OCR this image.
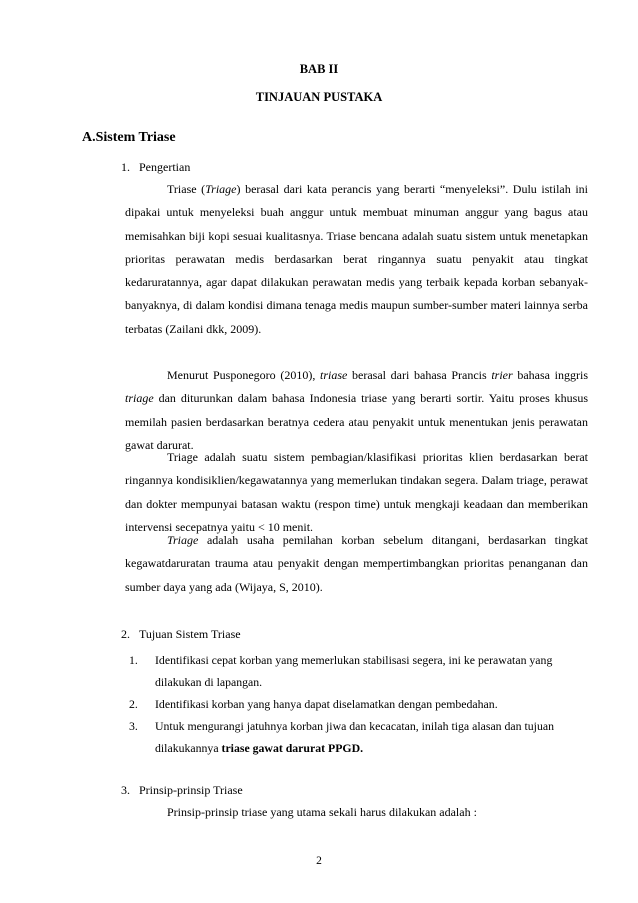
BAB II
TINJAUAN PUSTAKA
A.Sistem Triase
1. Pengertian

Triase (Triage) berasal dari kata perancis yang berarti “menyeleksi”. Dulu istilah ini dipakai untuk menyeleksi buah anggur untuk membuat minuman anggur yang bagus atau memisahkan biji kopi sesuai kualitasnya. Triase bencana adalah suatu sistem untuk menetapkan prioritas perawatan medis berdasarkan berat ringannya suatu penyakit atau tingkat kedaruratannya, agar dapat dilakukan perawatan medis yang terbaik kepada korban sebanyak-banyaknya, di dalam kondisi dimana tenaga medis maupun sumber-sumber materi lainnya serba terbatas (Zailani dkk, 2009).

Menurut Pusponegoro (2010), triase berasal dari bahasa Prancis trier bahasa inggris triage dan diturunkan dalam bahasa Indonesia triase yang berarti sortir. Yaitu proses khusus memilah pasien berdasarkan beratnya cedera atau penyakit untuk menentukan jenis perawatan gawat darurat.

Triage adalah suatu sistem pembagian/klasifikasi prioritas klien berdasarkan berat ringannya kondisiklien/kegawatannya yang memerlukan tindakan segera. Dalam triage, perawat dan dokter mempunyai batasan waktu (respon time) untuk mengkaji keadaan dan memberikan intervensi secepatnya yaitu < 10 menit.

Triage adalah usaha pemilahan korban sebelum ditangani, berdasarkan tingkat kegawatdaruratan trauma atau penyakit dengan mempertimbangkan prioritas penanganan dan sumber daya yang ada (Wijaya, S, 2010).

2. Tujuan Sistem Triase
1. Identifikasi cepat korban yang memerlukan stabilisasi segera, ini ke perawatan yang dilakukan di lapangan.
2. Identifikasi korban yang hanya dapat diselamatkan dengan pembedahan.
3. Untuk mengurangi jatuhnya korban jiwa dan kecacatan, inilah tiga alasan dan tujuan dilakukannya triase gawat darurat PPGD.
3. Prinsip-prinsip Triase
Prinsip-prinsip triase yang utama sekali harus dilakukan adalah :
2
